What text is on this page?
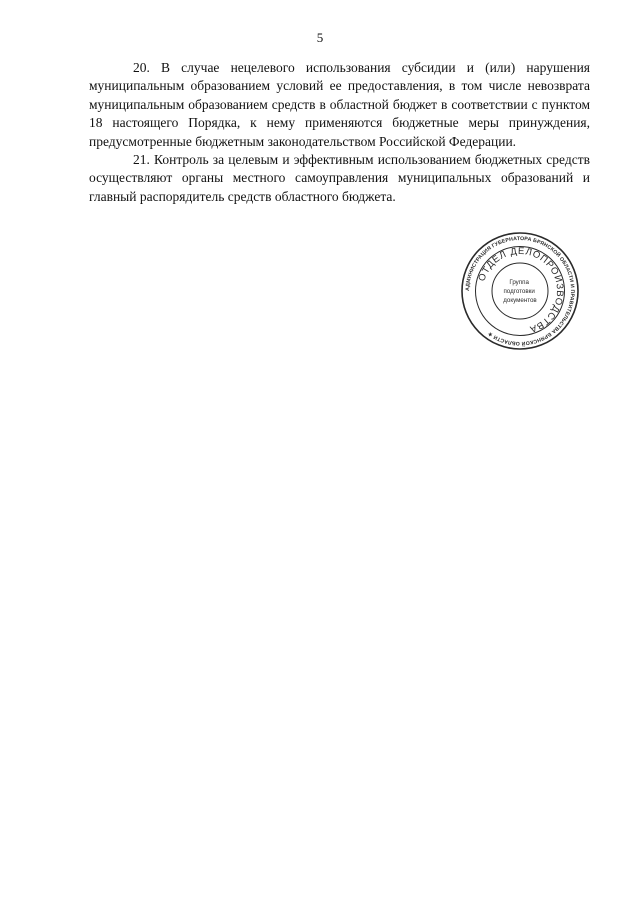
5

20. В случае нецелевого использования субсидии и (или) нарушения муниципальным образованием условий ее предоставления, в том числе невозврата муниципальным образованием средств в областной бюджет в соответствии с пунктом 18 настоящего Порядка, к нему применяются бюджетные меры принуждения, предусмотренные бюджетным законодательством Российской Федерации.

21. Контроль за целевым и эффективным использованием бюджетных средств осуществляют органы местного самоуправления муниципальных образований и главный распорядитель средств областного бюджета.

АДМИНИСТРАЦИЯ ГУБЕРНАТОРА БРЯНСКОЙ ОБЛАСТИ И ПРАВИТЕЛЬСТВА БРЯНСКОЙ ОБЛАСТИ ★
ОТДЕЛ ДЕЛОПРОИЗВОДСТВА
Группа подготовки документов
